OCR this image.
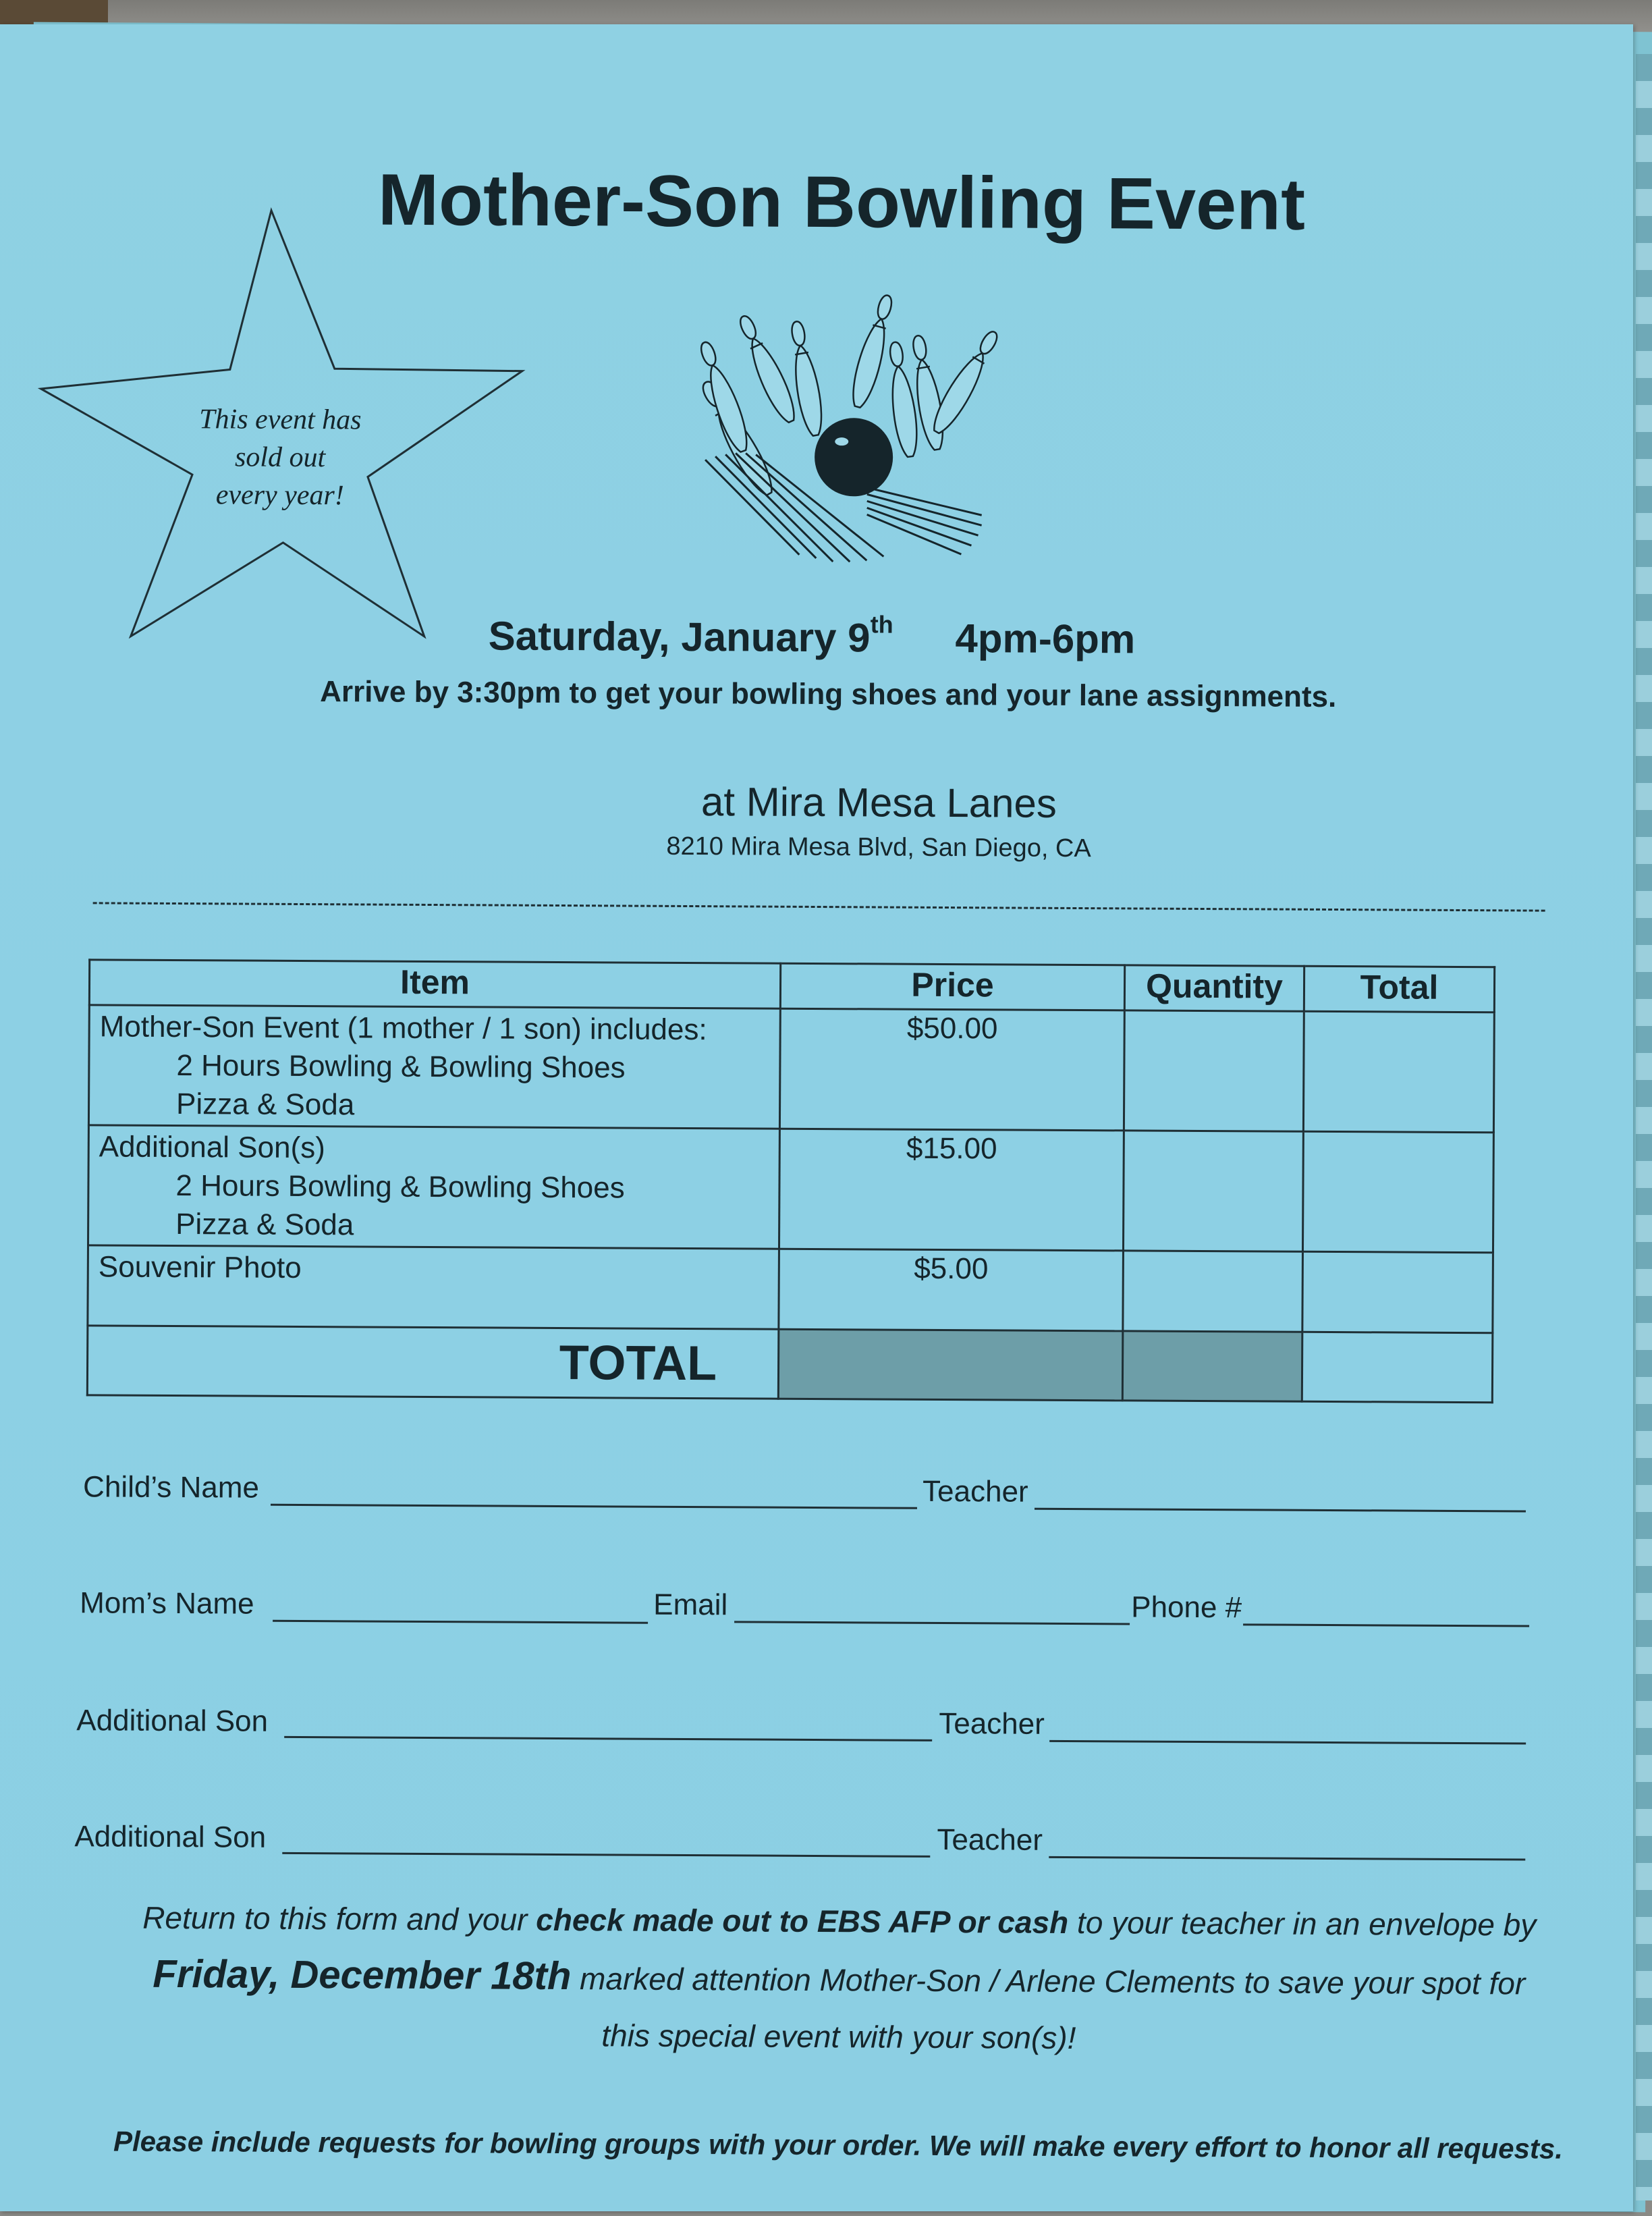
Mother-Son Bowling Event
This event has
sold out
every year!
Saturday, January 9th 4pm-6pm
Arrive by 3:30pm to get your bowling shoes and your lane assignments.
at Mira Mesa Lanes
8210 Mira Mesa Blvd, San Diego, CA
Item	Price	Quantity	Total

Mother-Son Event (1 mother / 1 son) includes:
2 Hours Bowling & Bowling Shoes
Pizza & Soda	$50.00		

Additional Son(s)
2 Hours Bowling & Bowling Shoes
Pizza & Soda	$15.00		

Souvenir Photo	$5.00		
TOTAL			
Child’s Name	Teacher
Mom’s Name	Email	Phone #
Additional Son	Teacher
Additional Son	Teacher
Return to this form and your check made out to EBS AFP or cash to your teacher in an envelope by
Friday, December 18th marked attention Mother-Son / Arlene Clements to save your spot for
this special event with your son(s)!
Please include requests for bowling groups with your order. We will make every effort to honor all requests.
